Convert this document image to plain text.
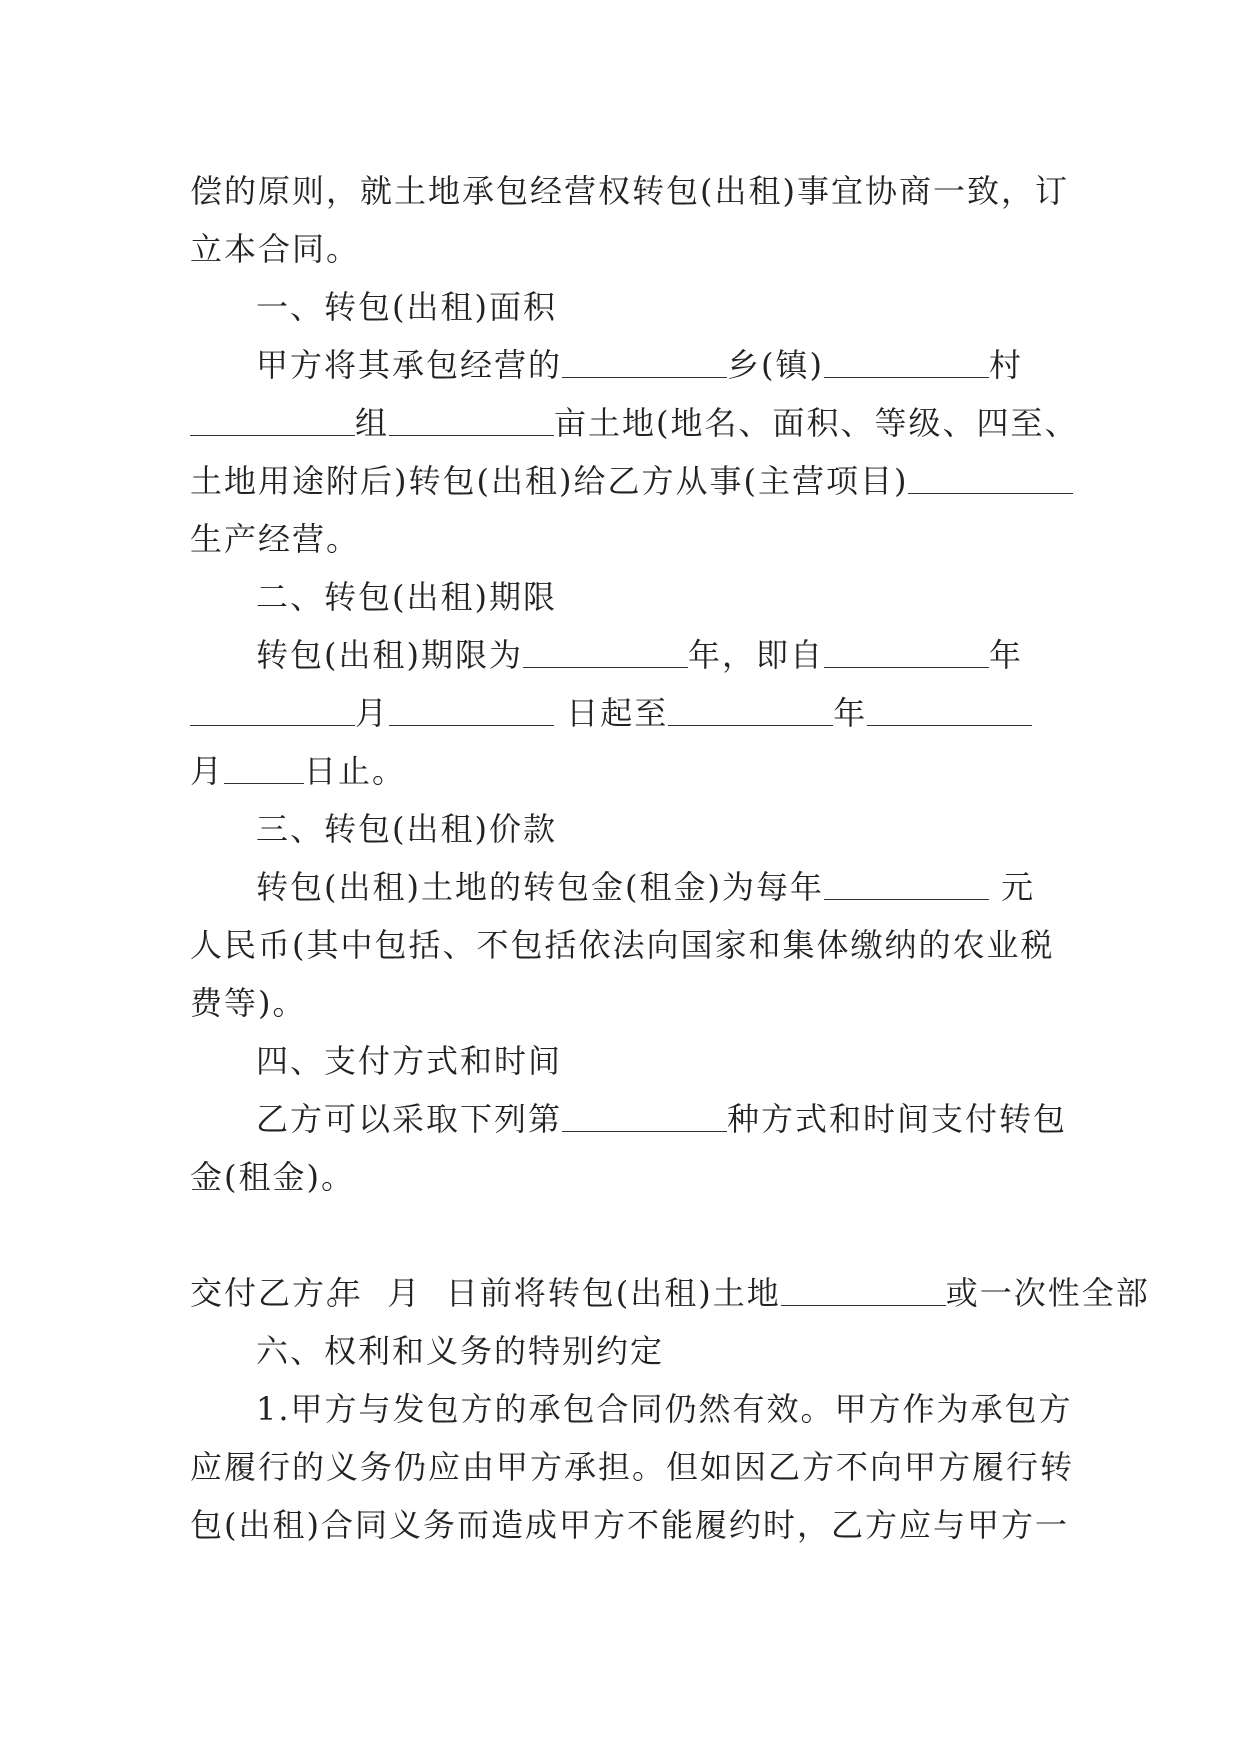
偿的原则，就土地承包经营权转包(出租)事宜协商一致，订
立本合同。
一、转包(出租)面积
甲方将其承包经营的	乡(镇)	村
组	亩土地(地名、面积、等级、四至、
土地用途附后)转包(出租)给乙方从事(主营项目)
生产经营。
二、转包(出租)期限
转包(出租)期限为	年，即自	年
月	日起至	年
月	日止。
三、转包(出租)价款
转包(出租)土地的转包金(租金)为每年	元
人民币(其中包括、不包括依法向国家和集体缴纳的农业税
费等)。
四、支付方式和时间
乙方可以采取下列第	种方式和时间支付转包
金(租金)。

年  月  日前将转包(出租)土地	或一次性全部

交付乙方。
六、权利和义务的特别约定
1.甲方与发包方的承包合同仍然有效。甲方作为承包方
应履行的义务仍应由甲方承担。但如因乙方不向甲方履行转
包(出租)合同义务而造成甲方不能履约时，乙方应与甲方一
